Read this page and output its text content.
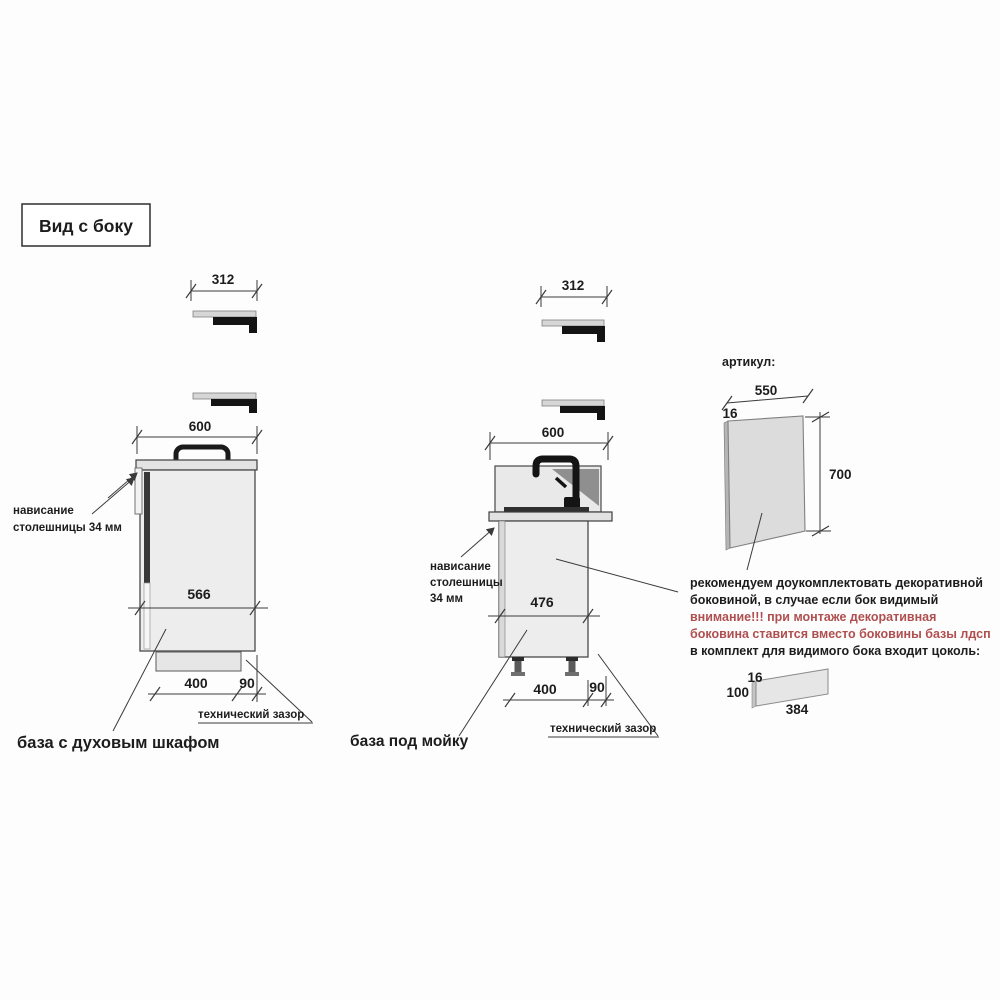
Вид с боку
312
600
566
400 90
технический зазор
нависание
столешницы 34 мм
база с духовым шкафом
312
600
476
400 90
технический зазор
нависание
столешницы
34 мм
база под мойку
артикул:
550
16
700
рекомендуем доукомплектовать декоративной
боковиной, в случае если бок видимый
внимание!!! при монтаже декоративная
боковина ставится вместо боковины базы лдсп
в комплект для видимого бока входит цоколь:
16
100
384
